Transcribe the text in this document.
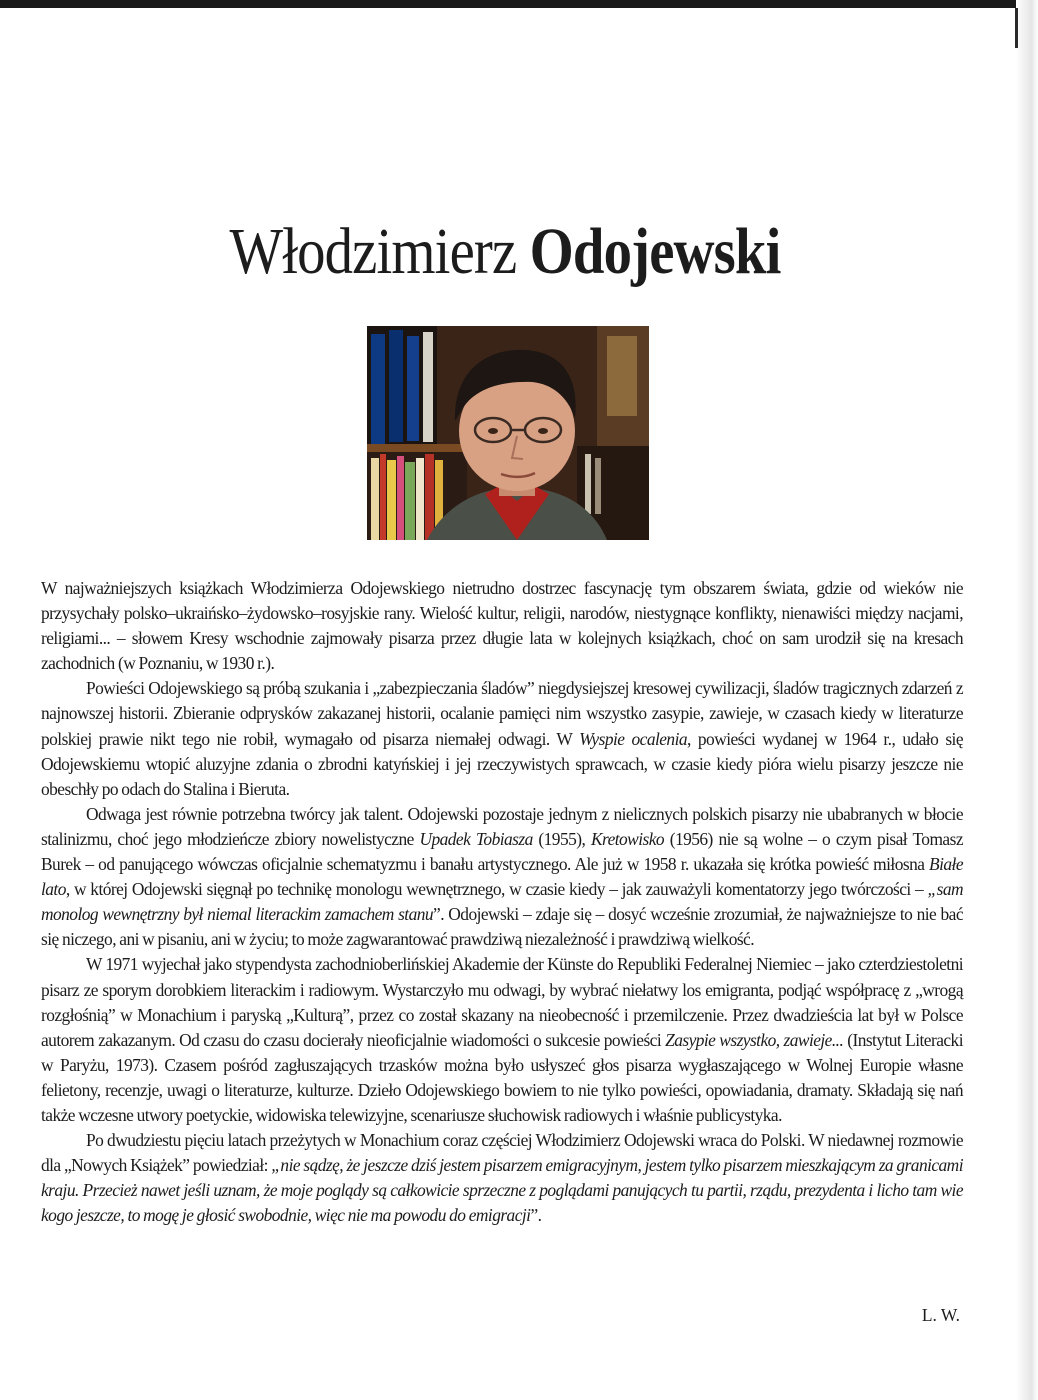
Włodzimierz Odojewski

W najważniejszych książkach Włodzimierza Odojewskiego nietrudno dostrzec fascynację tym obszarem świata, gdzie od wieków nie przysychały polsko–ukraińsko–żydowsko–rosyjskie rany. Wielość kultur, religii, narodów, niestygnące konflikty, nienawiści między nacjami, religiami... – słowem Kresy wschodnie zajmowały pisarza przez długie lata w kolejnych książkach, choć on sam urodził się na kresach zachodnich (w Poznaniu, w 1930 r.).

Powieści Odojewskiego są próbą szukania i „zabezpieczania śladów” niegdysiejszej kresowej cywilizacji, śladów tragicznych zdarzeń z najnowszej historii. Zbieranie odprysków zakazanej historii, ocalanie pamięci nim wszystko zasypie, zawieje, w czasach kiedy w literaturze polskiej prawie nikt tego nie robił, wymagało od pisarza niemałej odwagi. W Wyspie ocalenia, powieści wydanej w 1964 r., udało się Odojewskiemu wtopić aluzyjne zdania o zbrodni katyńskiej i jej rzeczywistych sprawcach, w czasie kiedy pióra wielu pisarzy jeszcze nie obeschły po odach do Stalina i Bieruta.

Odwaga jest równie potrzebna twórcy jak talent. Odojewski pozostaje jednym z nielicznych polskich pisarzy nie ubabranych w błocie stalinizmu, choć jego młodzieńcze zbiory nowelistyczne Upadek Tobiasza (1955), Kretowisko (1956) nie są wolne – o czym pisał Tomasz Burek – od panującego wówczas oficjalnie schematyzmu i banału artystycznego. Ale już w 1958 r. ukazała się krótka powieść miłosna Białe lato, w której Odojewski sięgnął po technikę monologu wewnętrznego, w czasie kiedy – jak zauważyli komentatorzy jego twórczości – „sam monolog wewnętrzny był niemal literackim zamachem stanu”. Odojewski – zdaje się – dosyć wcześnie zrozumiał, że najważniejsze to nie bać się niczego, ani w pisaniu, ani w życiu; to może zagwarantować prawdziwą niezależność i prawdziwą wielkość.

W 1971 wyjechał jako stypendysta zachodnioberlińskiej Akademie der Künste do Republiki Federalnej Niemiec – jako czterdziestoletni pisarz ze sporym dorobkiem literackim i radiowym. Wystarczyło mu odwagi, by wybrać niełatwy los emigranta, podjąć współpracę z „wrogą rozgłośnią” w Monachium i paryską „Kulturą”, przez co został skazany na nieobecność i przemilczenie. Przez dwadzieścia lat był w Polsce autorem zakazanym. Od czasu do czasu docierały nieoficjalnie wiadomości o sukcesie powieści Zasypie wszystko, zawieje... (Instytut Literacki w Paryżu, 1973). Czasem pośród zagłuszających trzasków można było usłyszeć głos pisarza wygłaszającego w Wolnej Europie własne felietony, recenzje, uwagi o literaturze, kulturze. Dzieło Odojewskiego bowiem to nie tylko powieści, opowiadania, dramaty. Składają się nań także wczesne utwory poetyckie, widowiska telewizyjne, scenariusze słuchowisk radiowych i właśnie publicystyka.

Po dwudziestu pięciu latach przeżytych w Monachium coraz częściej Włodzimierz Odojewski wraca do Polski. W niedawnej rozmowie dla „Nowych Książek” powiedział: „nie sądzę, że jeszcze dziś jestem pisarzem emigracyjnym, jestem tylko pisarzem mieszkającym za granicami kraju. Przecież nawet jeśli uznam, że moje poglądy są całkowicie sprzeczne z poglądami panujących tu partii, rządu, prezydenta i licho tam wie kogo jeszcze, to mogę je głosić swobodnie, więc nie ma powodu do emigracji”.

L. W.
